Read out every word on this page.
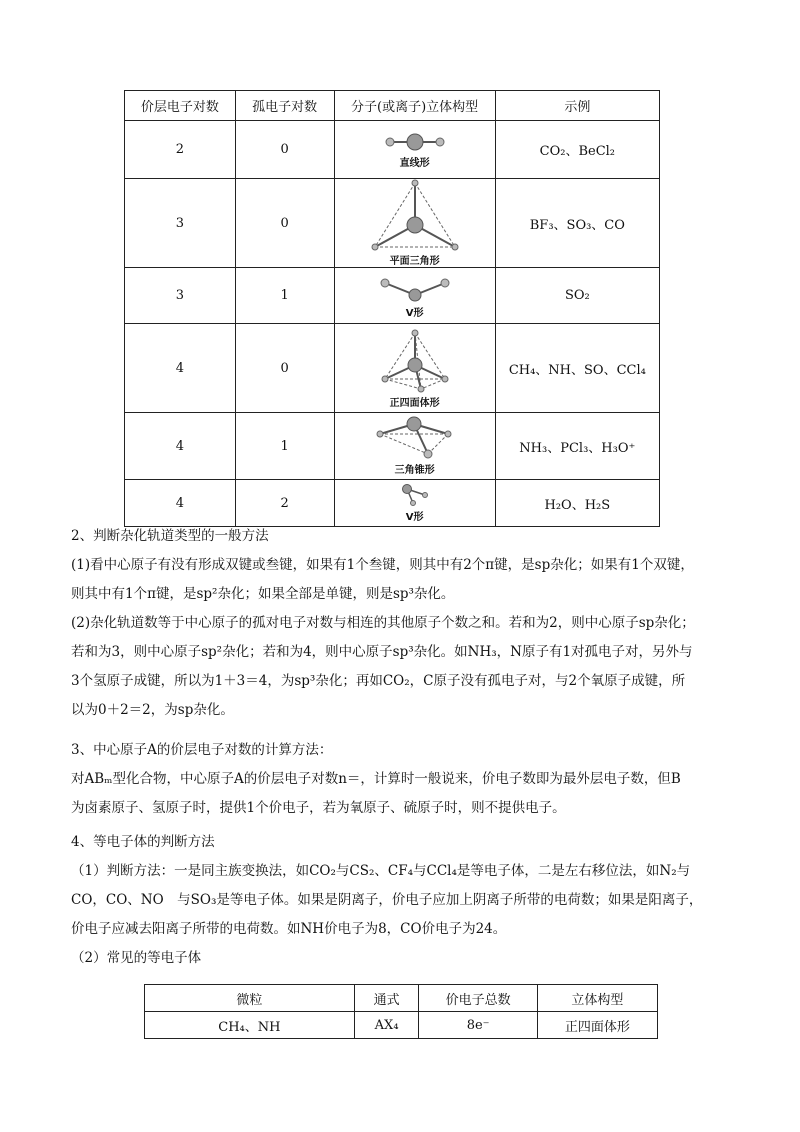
价层电子对数	孤电子对数	分子(或离子)立体构型	示例
2	0	直线形	CO₂、BeCl₂
3	0	平面三角形	BF₃、SO₃、CO
3	1	V形	SO₂
4	0	正四面体形	CH₄、NH、SO、CCl₄
4	1	三角锥形	NH₃、PCl₃、H₃O⁺
4	2	V形	H₂O、H₂S
2、判断杂化轨道类型的一般方法
(1)看中心原子有没有形成双键或叁键，如果有1个叁键，则其中有2个π键，是sp杂化；如果有1个双键，
则其中有1个π键，是sp²杂化；如果全部是单键，则是sp³杂化。
(2)杂化轨道数等于中心原子的孤对电子对数与相连的其他原子个数之和。若和为2，则中心原子sp杂化；
若和为3，则中心原子sp²杂化；若和为4，则中心原子sp³杂化。如NH₃，N原子有1对孤电子对，另外与
3个氢原子成键，所以为1＋3＝4，为sp³杂化；再如CO₂，C原子没有孤电子对，与2个氧原子成键，所
以为0＋2＝2，为sp杂化。
3、中心原子A的价层电子对数的计算方法：
对ABₘ型化合物，中心原子A的价层电子对数n＝，计算时一般说来，价电子数即为最外层电子数，但B
为卤素原子、氢原子时，提供1个价电子，若为氧原子、硫原子时，则不提供电子。
4、等电子体的判断方法
（1）判断方法：一是同主族变换法，如CO₂与CS₂、CF₄与CCl₄是等电子体，二是左右移位法，如N₂与
CO，CO、NO　与SO₃是等电子体。如果是阴离子，价电子应加上阴离子所带的电荷数；如果是阳离子，
价电子应减去阳离子所带的电荷数。如NH价电子为8，CO价电子为24。
（2）常见的等电子体
微粒	通式	价电子总数	立体构型
CH₄、NH	AX₄	8e⁻	正四面体形
